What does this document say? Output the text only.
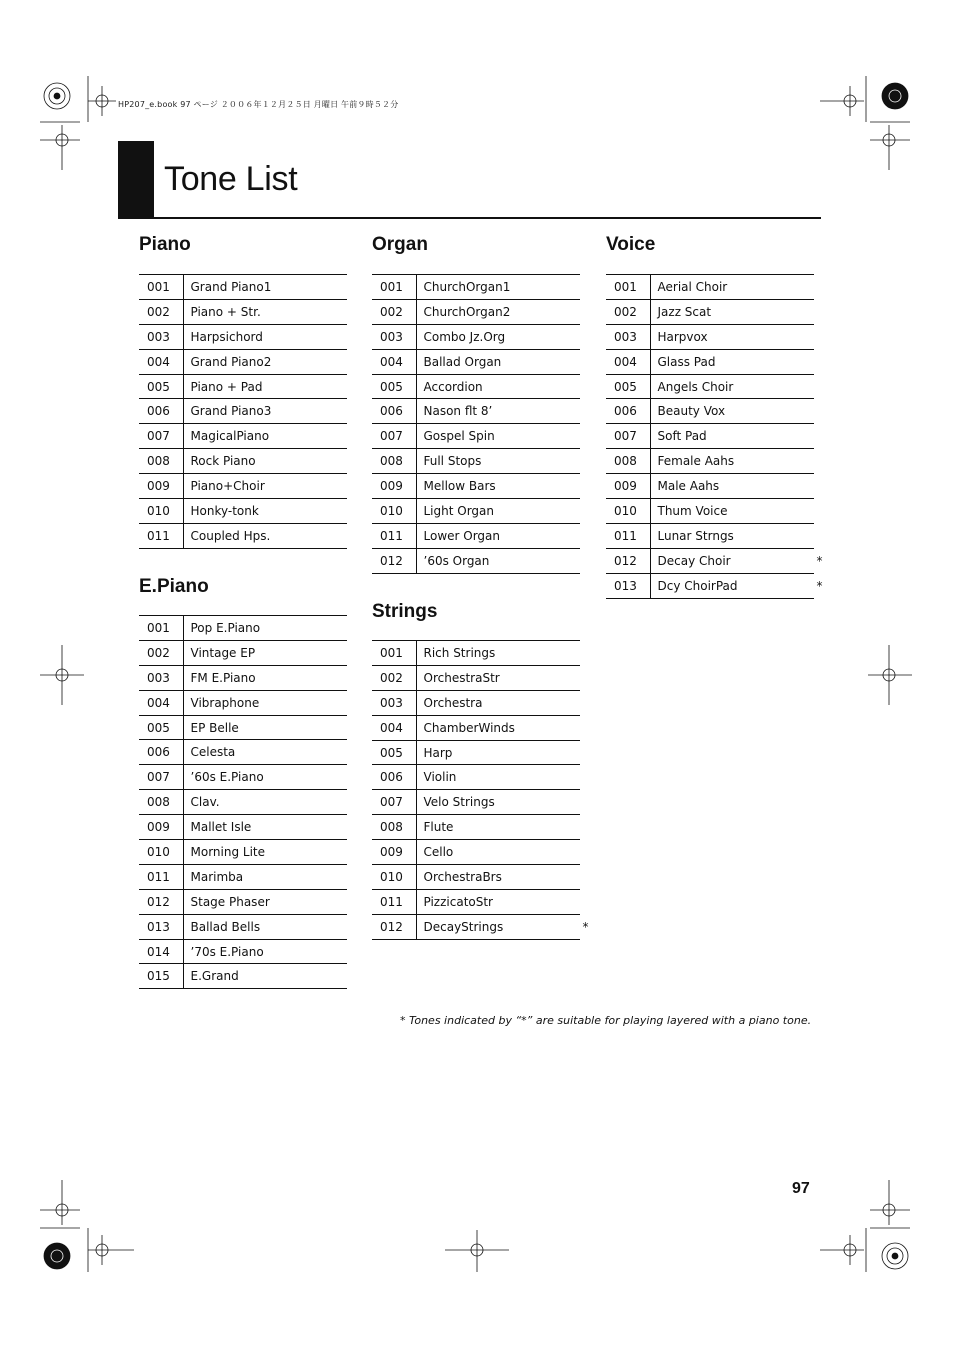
HP207_e.book 97 ページ ２００６年１２月２５日 月曜日 午前９時５２分
Tone List
Piano
001	Grand Piano1
002	Piano + Str.
003	Harpsichord
004	Grand Piano2
005	Piano + Pad
006	Grand Piano3
007	MagicalPiano
008	Rock Piano
009	Piano+Choir
010	Honky-tonk
011	Coupled Hps.
E.Piano
001	Pop E.Piano
002	Vintage EP
003	FM E.Piano
004	Vibraphone
005	EP Belle
006	Celesta
007	’60s E.Piano
008	Clav.
009	Mallet Isle
010	Morning Lite
011	Marimba
012	Stage Phaser
013	Ballad Bells
014	’70s E.Piano
015	E.Grand
Organ
001	ChurchOrgan1
002	ChurchOrgan2
003	Combo Jz.Org
004	Ballad Organ
005	Accordion
006	Nason flt 8’
007	Gospel Spin
008	Full Stops
009	Mellow Bars
010	Light Organ
011	Lower Organ
012	’60s Organ
Strings
001	Rich Strings
002	OrchestraStr
003	Orchestra
004	ChamberWinds
005	Harp
006	Violin
007	Velo Strings
008	Flute
009	Cello
010	OrchestraBrs
011	PizzicatoStr
012	DecayStrings *
Voice
001	Aerial Choir
002	Jazz Scat
003	Harpvox
004	Glass Pad
005	Angels Choir
006	Beauty Vox
007	Soft Pad
008	Female Aahs
009	Male Aahs
010	Thum Voice
011	Lunar Strngs
012	Decay Choir *

013	Dcy ChoirPad *
* Tones indicated by “*” are suitable for playing layered with a piano tone.
97
